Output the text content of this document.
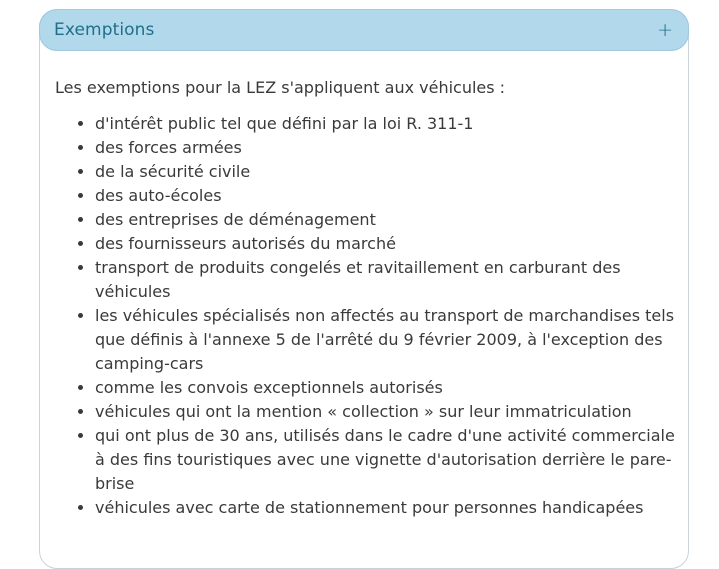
Exemptions	+

Les exemptions pour la LEZ s'appliquent aux véhicules :

• d'intérêt public tel que défini par la loi R. 311-1
• des forces armées
• de la sécurité civile
• des auto-écoles
• des entreprises de déménagement
• des fournisseurs autorisés du marché
• transport de produits congelés et ravitaillement en carburant des véhicules
• les véhicules spécialisés non affectés au transport de marchandises tels que définis à l'annexe 5 de l'arrêté du 9 février 2009, à l'exception des camping-cars
• comme les convois exceptionnels autorisés
• véhicules qui ont la mention « collection » sur leur immatriculation
• qui ont plus de 30 ans, utilisés dans le cadre d'une activité commerciale à des fins touristiques avec une vignette d'autorisation derrière le pare-brise
• véhicules avec carte de stationnement pour personnes handicapées
